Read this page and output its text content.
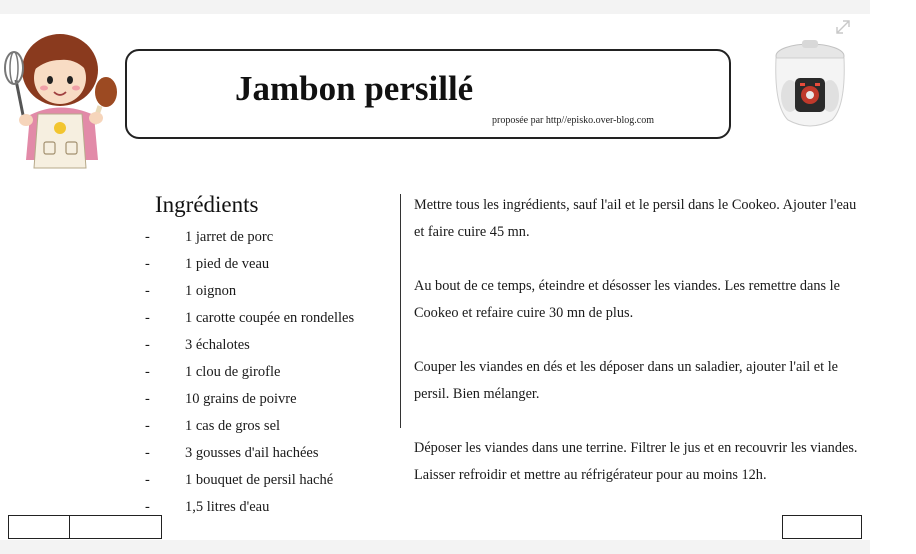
Jambon persillé
proposée par http//episko.over-blog.com
Ingrédients
-	1 jarret de porc
-	1 pied de veau
-	1 oignon
-	1 carotte coupée en rondelles
-	3 échalotes
-	1 clou de girofle
-	10 grains de poivre
-	1 cas de gros sel
-	3 gousses d'ail hachées
-	1 bouquet de persil haché
-	1,5 litres d'eau

Mettre tous les ingrédients, sauf l'ail et le persil dans le Cookeo. Ajouter l'eau et faire cuire 45 mn.

Au bout de ce temps, éteindre et désosser les viandes. Les remettre dans le Cookeo et refaire cuire 30 mn de plus.

Couper les viandes en dés et les déposer dans un saladier, ajouter l'ail et le persil. Bien mélanger.

Déposer les viandes dans une terrine. Filtrer le jus et en recouvrir les viandes. Laisser refroidir et mettre au réfrigérateur pour au moins 12h.
